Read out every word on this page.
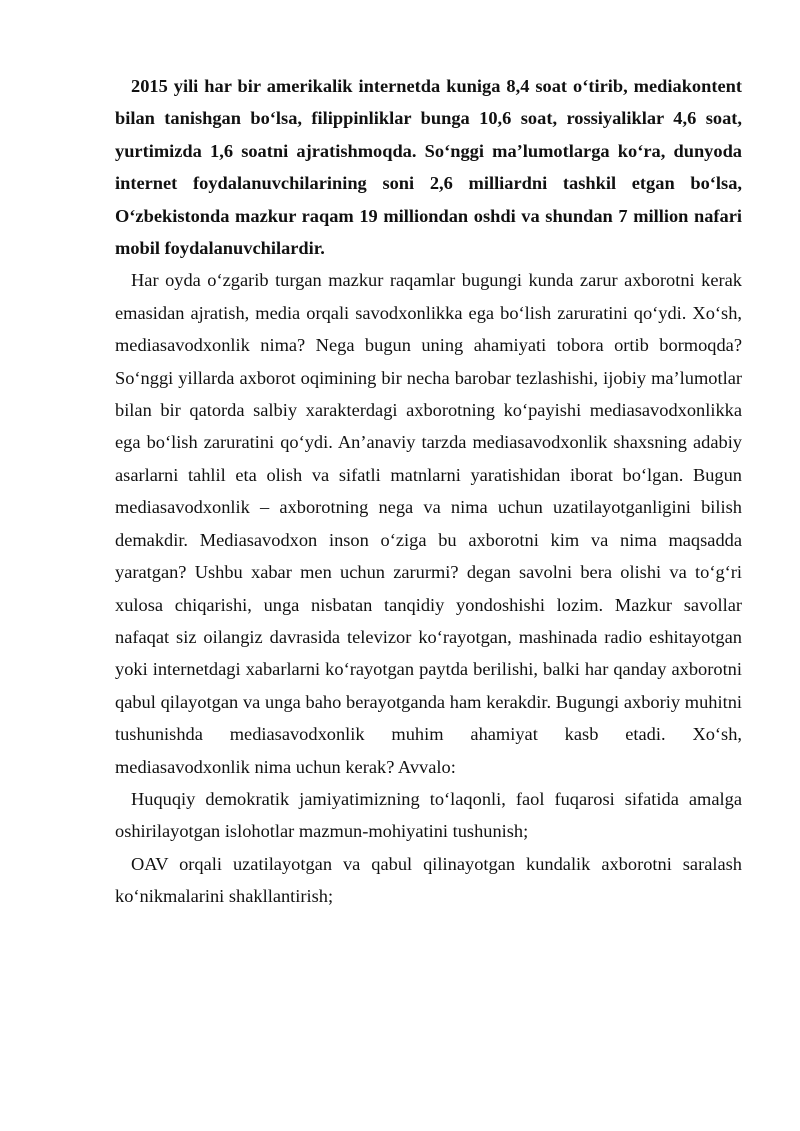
2015 yili har bir amerikalik internetda kuniga 8,4 soat o‘tirib, mediakontent bilan tanishgan bo‘lsa, filippinliklar bunga 10,6 soat, rossiyaliklar 4,6 soat, yurtimizda 1,6 soatni ajratishmoqda. So‘nggi ma’lumotlarga ko‘ra, dunyoda internet foydalanuvchilarining soni 2,6 milliardni tashkil etgan bo‘lsa, O‘zbekistonda mazkur raqam 19 milliondan oshdi va shundan 7 million nafari mobil foydalanuvchilardir.

Har oyda o‘zgarib turgan mazkur raqamlar bugungi kunda zarur axborotni kerak emasidan ajratish, media orqali savodxonlikka ega bo‘lish zaruratini qo‘ydi. Xo‘sh, mediasavodxonlik nima? Nega bugun uning ahamiyati tobora ortib bormoqda? So‘nggi yillarda axborot oqimining bir necha barobar tezlashishi, ijobiy ma’lumotlar bilan bir qatorda salbiy xarakterdagi axborotning ko‘payishi mediasavodxonlikka ega bo‘lish zaruratini qo‘ydi. An’anaviy tarzda mediasavodxonlik shaxsning adabiy asarlarni tahlil eta olish va sifatli matnlarni yaratishidan iborat bo‘lgan. Bugun mediasavodxonlik – axborotning nega va nima uchun uzatilayotganligini bilish demakdir. Mediasavodxon inson o‘ziga bu axborotni kim va nima maqsadda yaratgan? Ushbu xabar men uchun zarurmi? degan savolni bera olishi va to‘g‘ri xulosa chiqarishi, unga nisbatan tanqidiy yondoshishi lozim. Mazkur savollar nafaqat siz oilangiz davrasida televizor ko‘rayotgan, mashinada radio eshitayotgan yoki internetdagi xabarlarni ko‘rayotgan paytda berilishi, balki har qanday axborotni qabul qilayotgan va unga baho berayotganda ham kerakdir. Bugungi axboriy muhitni tushunishda mediasavodxonlik muhim ahamiyat kasb etadi. Xo‘sh, mediasavodxonlik nima uchun kerak? Avvalo:

Huquqiy demokratik jamiyatimizning to‘laqonli, faol fuqarosi sifatida amalga oshirilayotgan islohotlar mazmun-mohiyatini tushunish;

OAV orqali uzatilayotgan va qabul qilinayotgan kundalik axborotni saralash ko‘nikmalarini shakllantirish;
